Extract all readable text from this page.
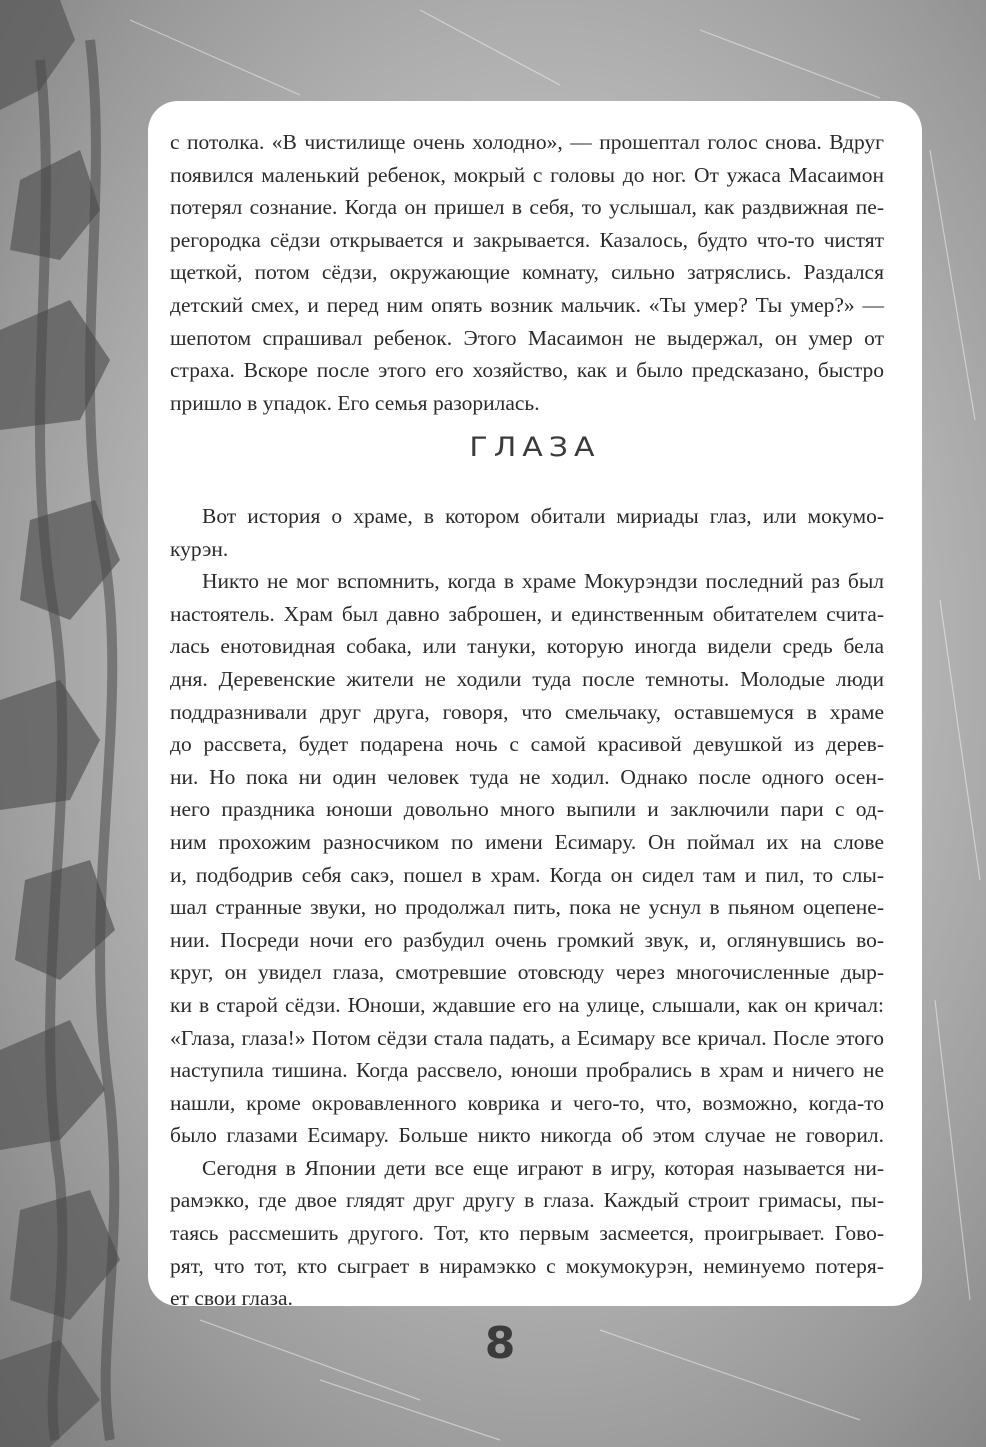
с потолка. «В чистилище очень холодно», — прошептал голос снова. Вдруг
появился маленький ребенок, мокрый с головы до ног. От ужаса Масаимон
потерял сознание. Когда он пришел в себя, то услышал, как раздвижная пе-
регородка сёдзи открывается и закрывается. Казалось, будто что-то чистят
щеткой, потом сёдзи, окружающие комнату, сильно затряслись. Раздался
детский смех, и перед ним опять возник мальчик. «Ты умер? Ты умер?» —
шепотом спрашивал ребенок. Этого Масаимон не выдержал, он умер от
страха. Вскоре после этого его хозяйство, как и было предсказано, быстро
пришло в упадок. Его семья разорилась.
ГЛАЗА
Вот история о храме, в котором обитали мириады глаз, или мокумо-
курэн.
Никто не мог вспомнить, когда в храме Мокурэндзи последний раз был
настоятель. Храм был давно заброшен, и единственным обитателем счита-
лась енотовидная собака, или тануки, которую иногда видели средь бела
дня. Деревенские жители не ходили туда после темноты. Молодые люди
поддразнивали друг друга, говоря, что смельчаку, оставшемуся в храме
до рассвета, будет подарена ночь с самой красивой девушкой из дерев-
ни. Но пока ни один человек туда не ходил. Однако после одного осен-
него праздника юноши довольно много выпили и заключили пари с од-
ним прохожим разносчиком по имени Есимару. Он поймал их на слове
и, подбодрив себя сакэ, пошел в храм. Когда он сидел там и пил, то слы-
шал странные звуки, но продолжал пить, пока не уснул в пьяном оцепене-
нии. Посреди ночи его разбудил очень громкий звук, и, оглянувшись во-
круг, он увидел глаза, смотревшие отовсюду через многочисленные дыр-
ки в старой сёдзи. Юноши, ждавшие его на улице, слышали, как он кричал:
«Глаза, глаза!» Потом сёдзи стала падать, а Есимару все кричал. После этого
наступила тишина. Когда рассвело, юноши пробрались в храм и ничего не
нашли, кроме окровавленного коврика и чего-то, что, возможно, когда-то
было глазами Есимару. Больше никто никогда об этом случае не говорил.
Сегодня в Японии дети все еще играют в игру, которая называется ни-
рамэкко, где двое глядят друг другу в глаза. Каждый строит гримасы, пы-
таясь рассмешить другого. Тот, кто первым засмеется, проигрывает. Гово-
рят, что тот, кто сыграет в нирамэкко с мокумокурэн, неминуемо потеря-
ет свои глаза.
8
